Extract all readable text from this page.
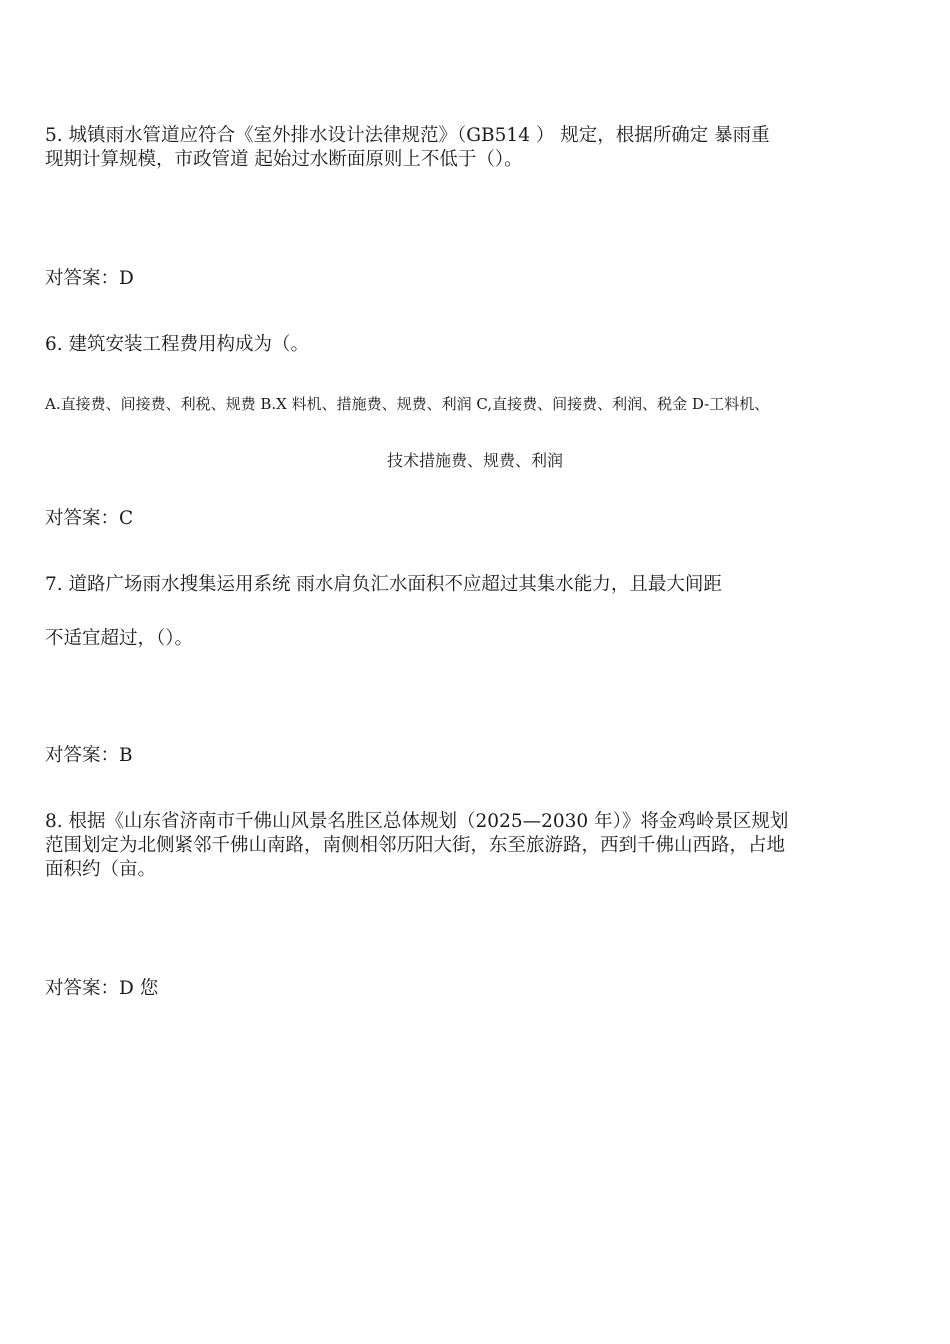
5. 城镇雨水管道应符合《室外排水设计法律规范》（GB514 ） 规定，根据所确定 暴雨重
现期计算规模，市政管道 起始过水断面原则上不低于（）。
对答案：D
6. 建筑安装工程费用构成为（。
A.直接费、间接费、利税、规费 B.X 料机、措施费、规费、利润 C,直接费、间接费、利润、税金 D-工料机、
技术措施费、规费、利润
对答案：C
7. 道路广场雨水搜集运用系统 雨水肩负汇水面积不应超过其集水能力，且最大间距
不适宜超过，（）。
对答案：B
8. 根据《山东省济南市千佛山风景名胜区总体规划（2025—2030 年）》将金鸡岭景区规划
范围划定为北侧紧邻千佛山南路，南侧相邻历阳大街，东至旅游路，西到千佛山西路，占地
面积约（亩。
对答案：D 您
